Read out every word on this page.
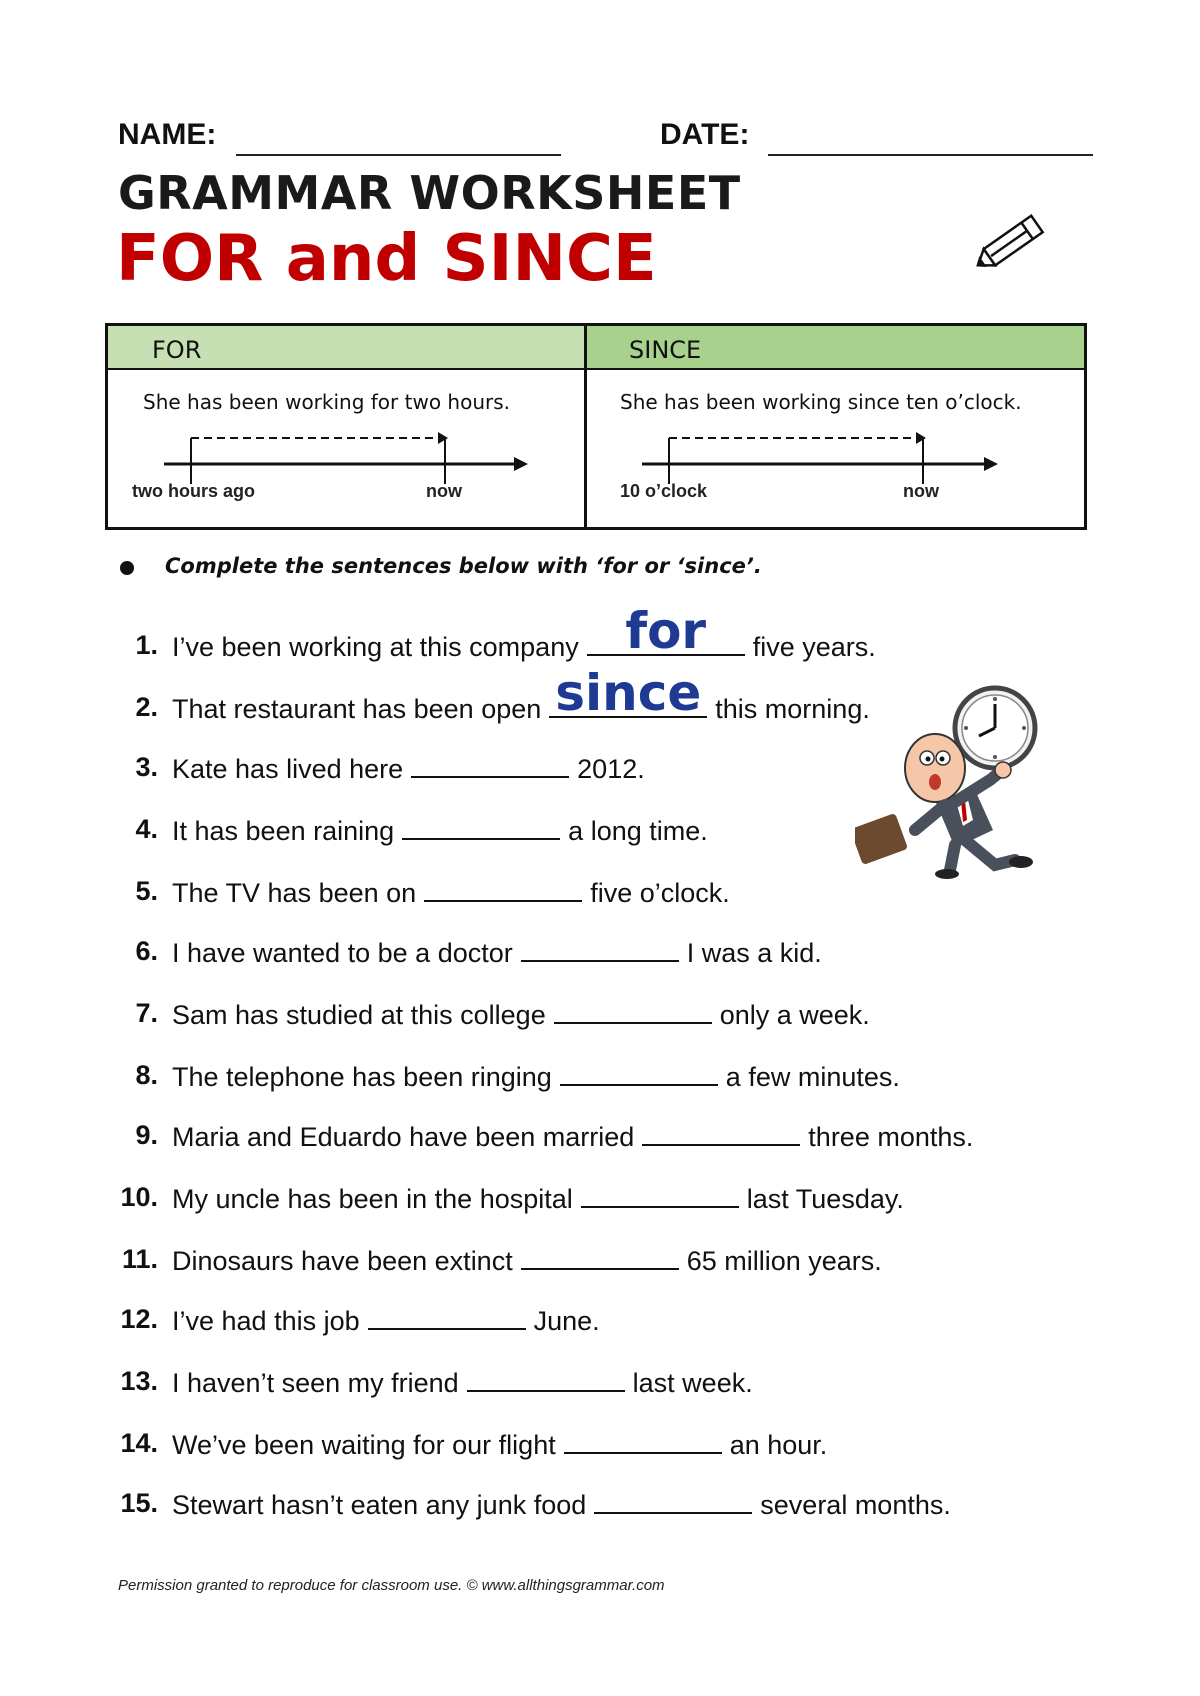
NAME:	DATE:
GRAMMAR WORKSHEET
FOR and SINCE
FOR
She has been working for two hours.
two hours ago	now
SINCE
She has been working since ten o’clock.
10 o’clock	now
Complete the sentences below with ‘for or ‘since’.
1. I’ve been working at this company for	five years.
2. That restaurant has been open since this morning.
3. Kate has lived here	2012.
4. It has been raining	a long time.
5. The TV has been on	five o’clock.
6. I have wanted to be a doctor	I was a kid.
7. Sam has studied at this college	only a week.
8. The telephone has been ringing	a few minutes.
9. Maria and Eduardo have been married	three months.
10. My uncle has been in the hospital	last Tuesday.
11. Dinosaurs have been extinct	65 million years.
12. I’ve had this job	June.
13. I haven’t seen my friend	last week.
14. We’ve been waiting for our flight	an hour.
15. Stewart hasn’t eaten any junk food	several months.
Permission granted to reproduce for classroom use. © www.allthingsgrammar.com
